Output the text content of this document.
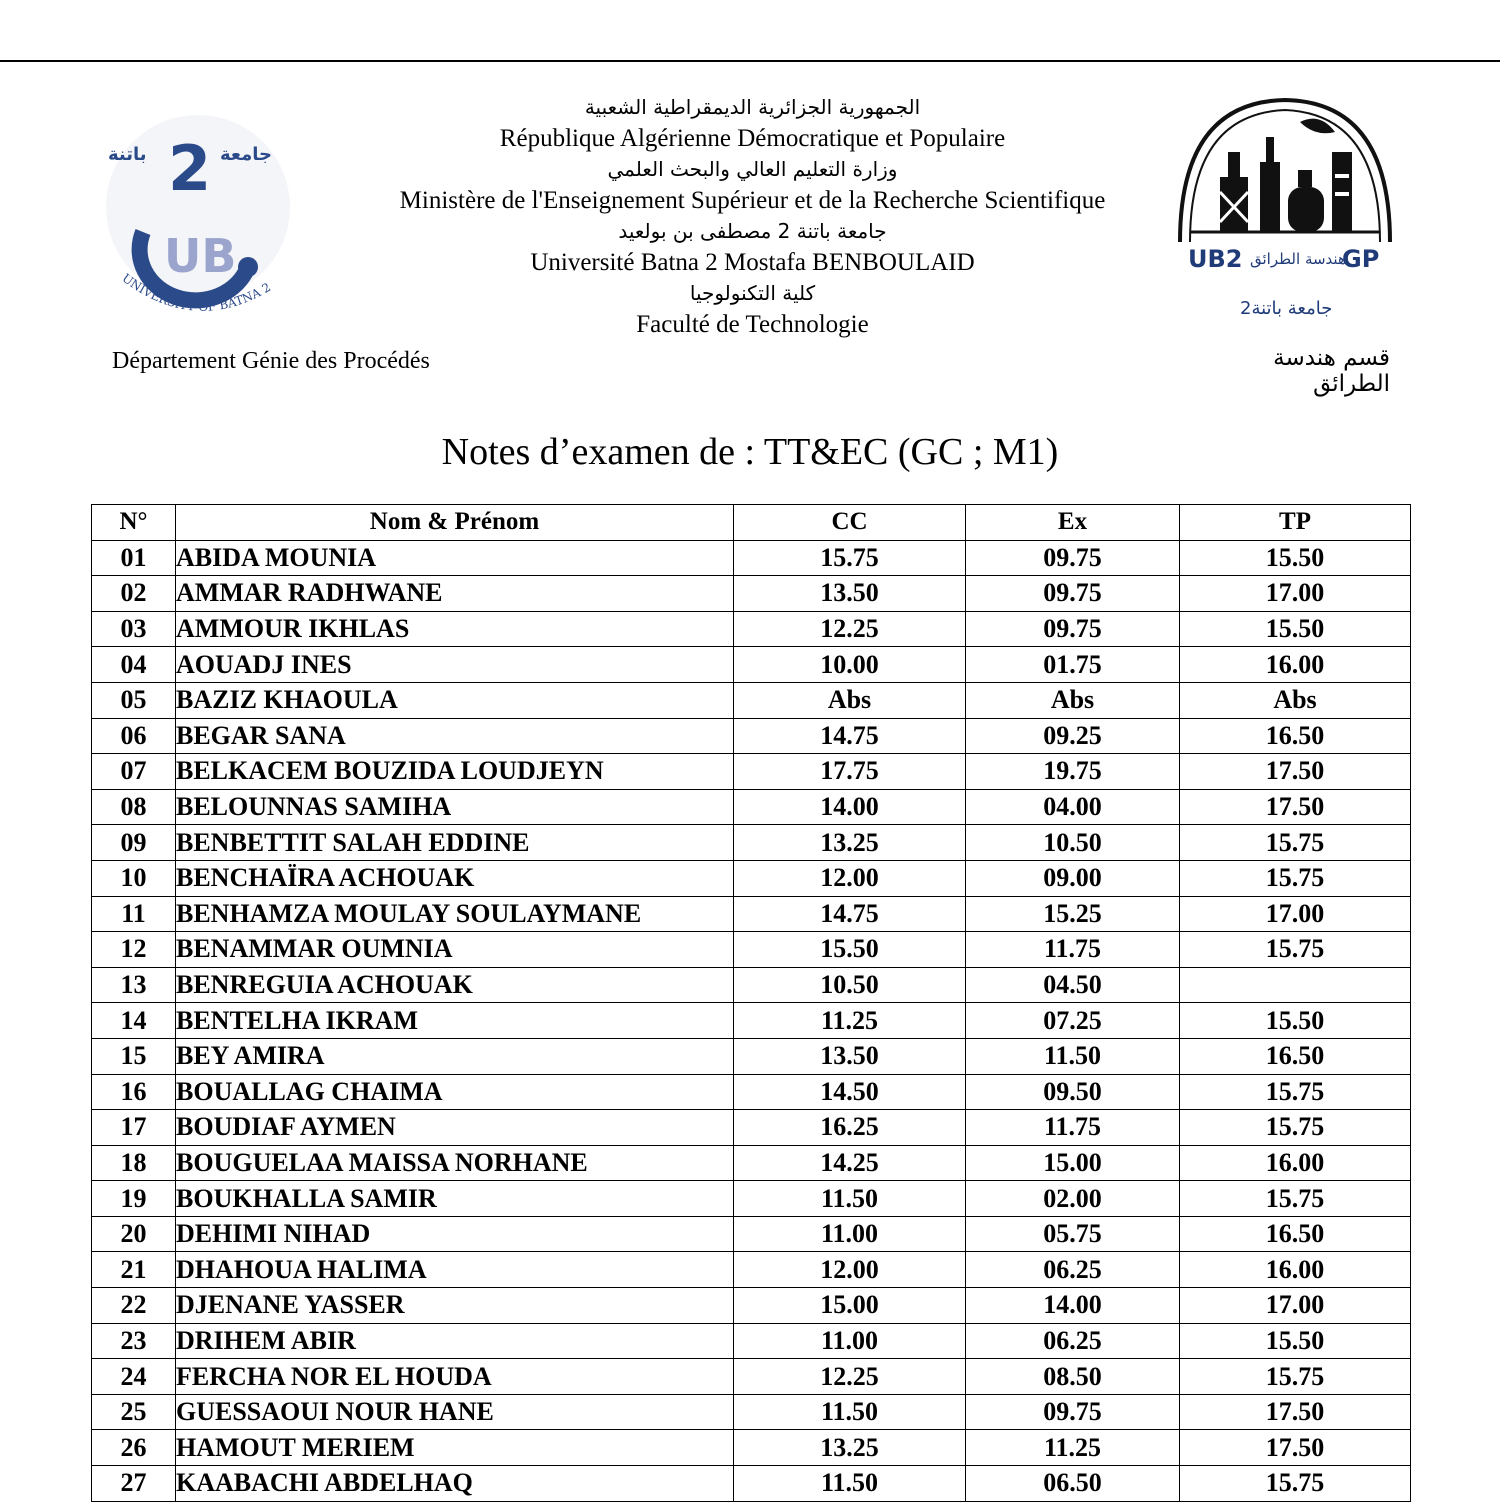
باتنة	جامعة
2
UB
UNIVERSITY OF BATNA 2
UB2 هندسة الطرائق
GP
جامعة باتنة2
الجمهورية الجزائرية الديمقراطية الشعبية
République Algérienne Démocratique et Populaire
وزارة التعليم العالي والبحث العلمي
Ministère de l'Enseignement Supérieur et de la Recherche Scientifique
جامعة باتنة 2 مصطفى بن بولعيد
Université Batna 2 Mostafa BENBOULAID
كلية التكنولوجيا
Faculté de Technologie
Département Génie des Procédés	قسم هندسة الطرائق
Notes d’examen de : TT&EC (GC ; M1)
N°	Nom & Prénom	CC	Ex	TP
01	ABIDA MOUNIA	15.75	09.75	15.50
02	AMMAR RADHWANE	13.50	09.75	17.00
03	AMMOUR IKHLAS	12.25	09.75	15.50
04	AOUADJ INES	10.00	01.75	16.00
05	BAZIZ KHAOULA	Abs	Abs	Abs
06	BEGAR SANA	14.75	09.25	16.50
07	BELKACEM BOUZIDA LOUDJEYN	17.75	19.75	17.50
08	BELOUNNAS SAMIHA	14.00	04.00	17.50
09	BENBETTIT SALAH EDDINE	13.25	10.50	15.75
10	BENCHAÏRA ACHOUAK	12.00	09.00	15.75
11	BENHAMZA MOULAY SOULAYMANE	14.75	15.25	17.00
12	BENAMMAR OUMNIA	15.50	11.75	15.75
13	BENREGUIA ACHOUAK	10.50	04.50	
14	BENTELHA IKRAM	11.25	07.25	15.50
15	BEY AMIRA	13.50	11.50	16.50
16	BOUALLAG CHAIMA	14.50	09.50	15.75
17	BOUDIAF AYMEN	16.25	11.75	15.75
18	BOUGUELAA MAISSA NORHANE	14.25	15.00	16.00
19	BOUKHALLA SAMIR	11.50	02.00	15.75
20	DEHIMI NIHAD	11.00	05.75	16.50
21	DHAHOUA HALIMA	12.00	06.25	16.00
22	DJENANE YASSER	15.00	14.00	17.00
23	DRIHEM ABIR	11.00	06.25	15.50
24	FERCHA NOR EL HOUDA	12.25	08.50	15.75
25	GUESSAOUI NOUR HANE	11.50	09.75	17.50
26	HAMOUT MERIEM	13.25	11.25	17.50
27	KAABACHI ABDELHAQ	11.50	06.50	15.75
